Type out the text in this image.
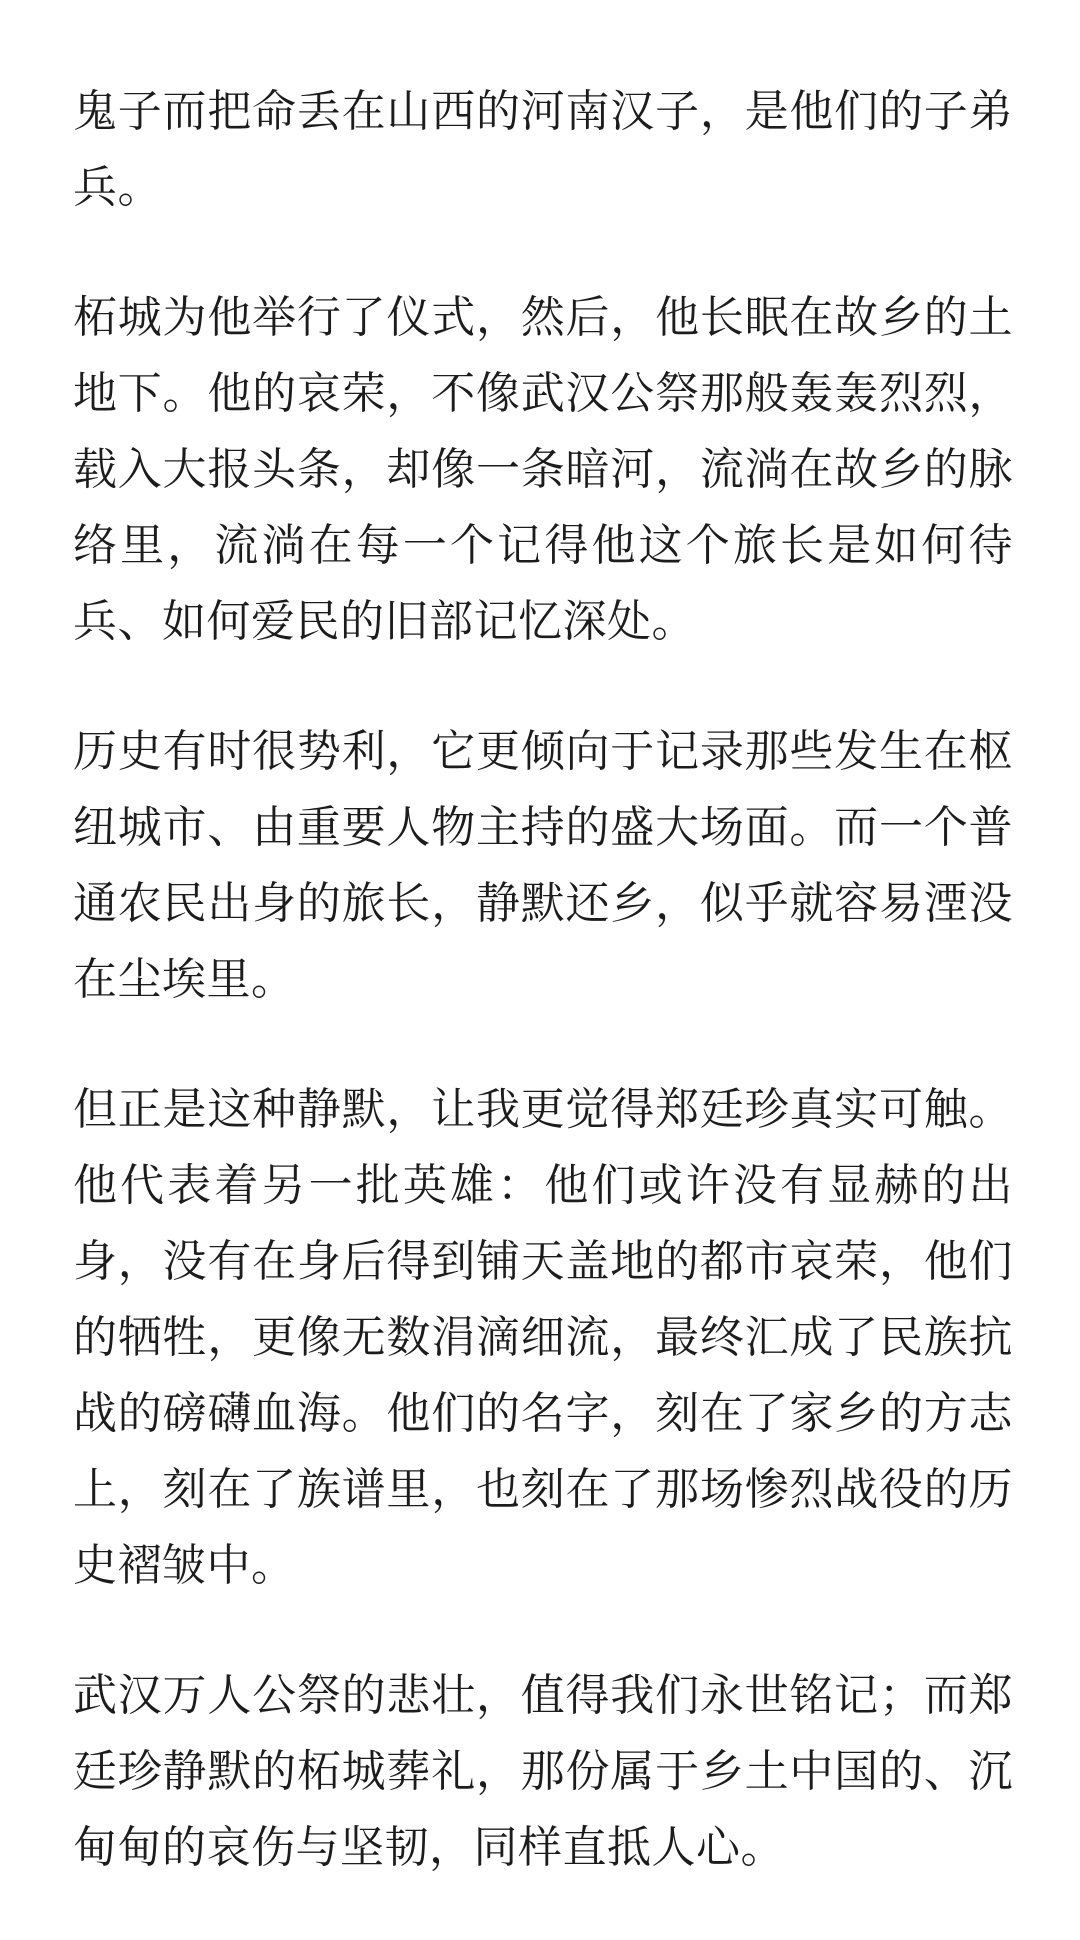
鬼子而把命丢在山西的河南汉子，是他们的子弟兵。

柘城为他举行了仪式，然后，他长眠在故乡的土地下。他的哀荣，不像武汉公祭那般轰轰烈烈，载入大报头条，却像一条暗河，流淌在故乡的脉络里，流淌在每一个记得他这个旅长是如何待兵、如何爱民的旧部记忆深处。

历史有时很势利，它更倾向于记录那些发生在枢纽城市、由重要人物主持的盛大场面。而一个普通农民出身的旅长，静默还乡，似乎就容易湮没在尘埃里。

但正是这种静默，让我更觉得郑廷珍真实可触。他代表着另一批英雄：他们或许没有显赫的出身，没有在身后得到铺天盖地的都市哀荣，他们的牺牲，更像无数涓滴细流，最终汇成了民族抗战的磅礴血海。他们的名字，刻在了家乡的方志上，刻在了族谱里，也刻在了那场惨烈战役的历史褶皱中。

武汉万人公祭的悲壮，值得我们永世铭记；而郑廷珍静默的柘城葬礼，那份属于乡土中国的、沉甸甸的哀伤与坚韧，同样直抵人心。
